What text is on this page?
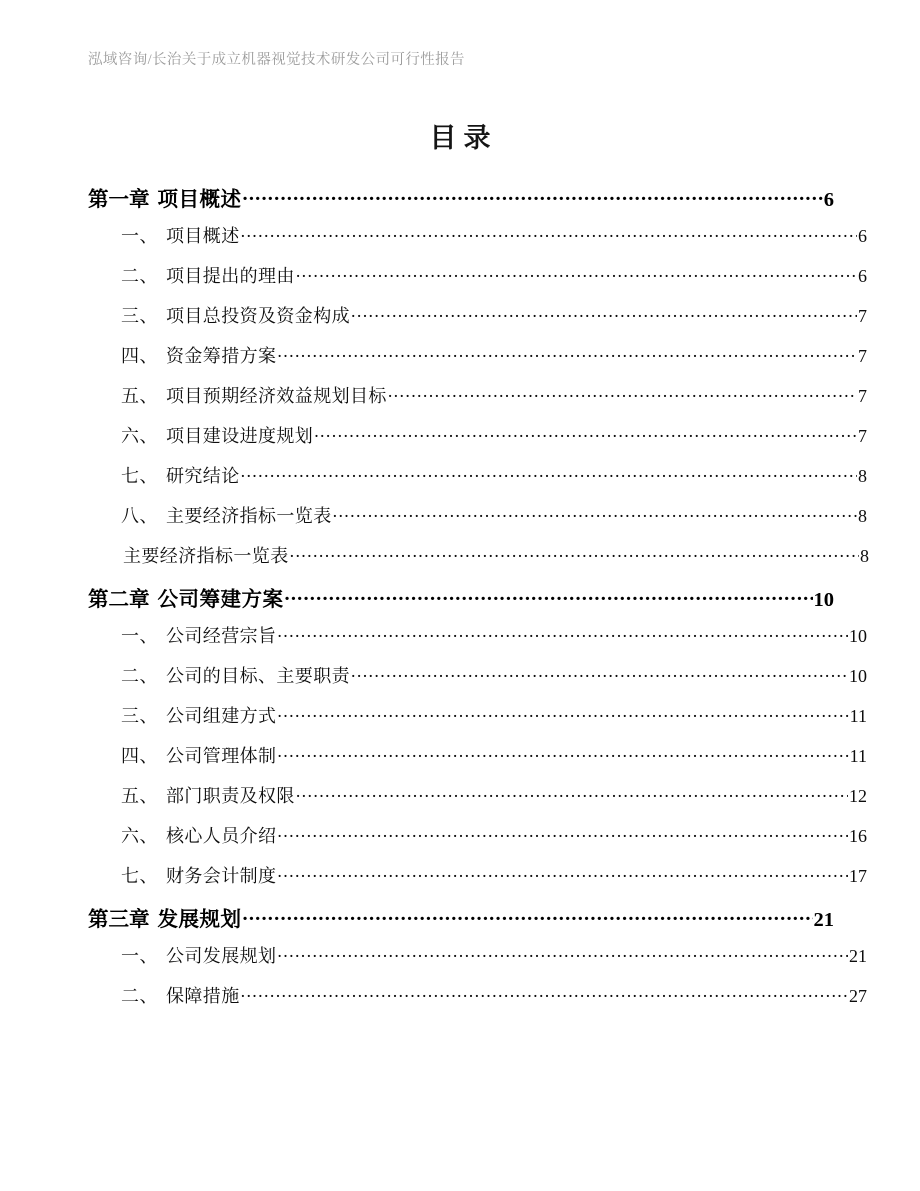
泓域咨询/长治关于成立机器视觉技术研发公司可行性报告
目录
第一章 项目概述 .....	6
一、 项目概述 .....	6
二、 项目提出的理由 .....	6
三、 项目总投资及资金构成 .....	7
四、 资金筹措方案 .....	7
五、 项目预期经济效益规划目标 .....	7
六、 项目建设进度规划 .....	7
七、 研究结论 .....	8
八、 主要经济指标一览表 .....	8
主要经济指标一览表 .....	8
第二章 公司筹建方案 .....	10
一、 公司经营宗旨 .....	10
二、 公司的目标、主要职责 .....	10
三、 公司组建方式 .....	11
四、 公司管理体制 .....	11
五、 部门职责及权限 .....	12
六、 核心人员介绍 .....	16
七、 财务会计制度 .....	17
第三章 发展规划 .....	21
一、 公司发展规划 .....	21
二、 保障措施 .....	27
